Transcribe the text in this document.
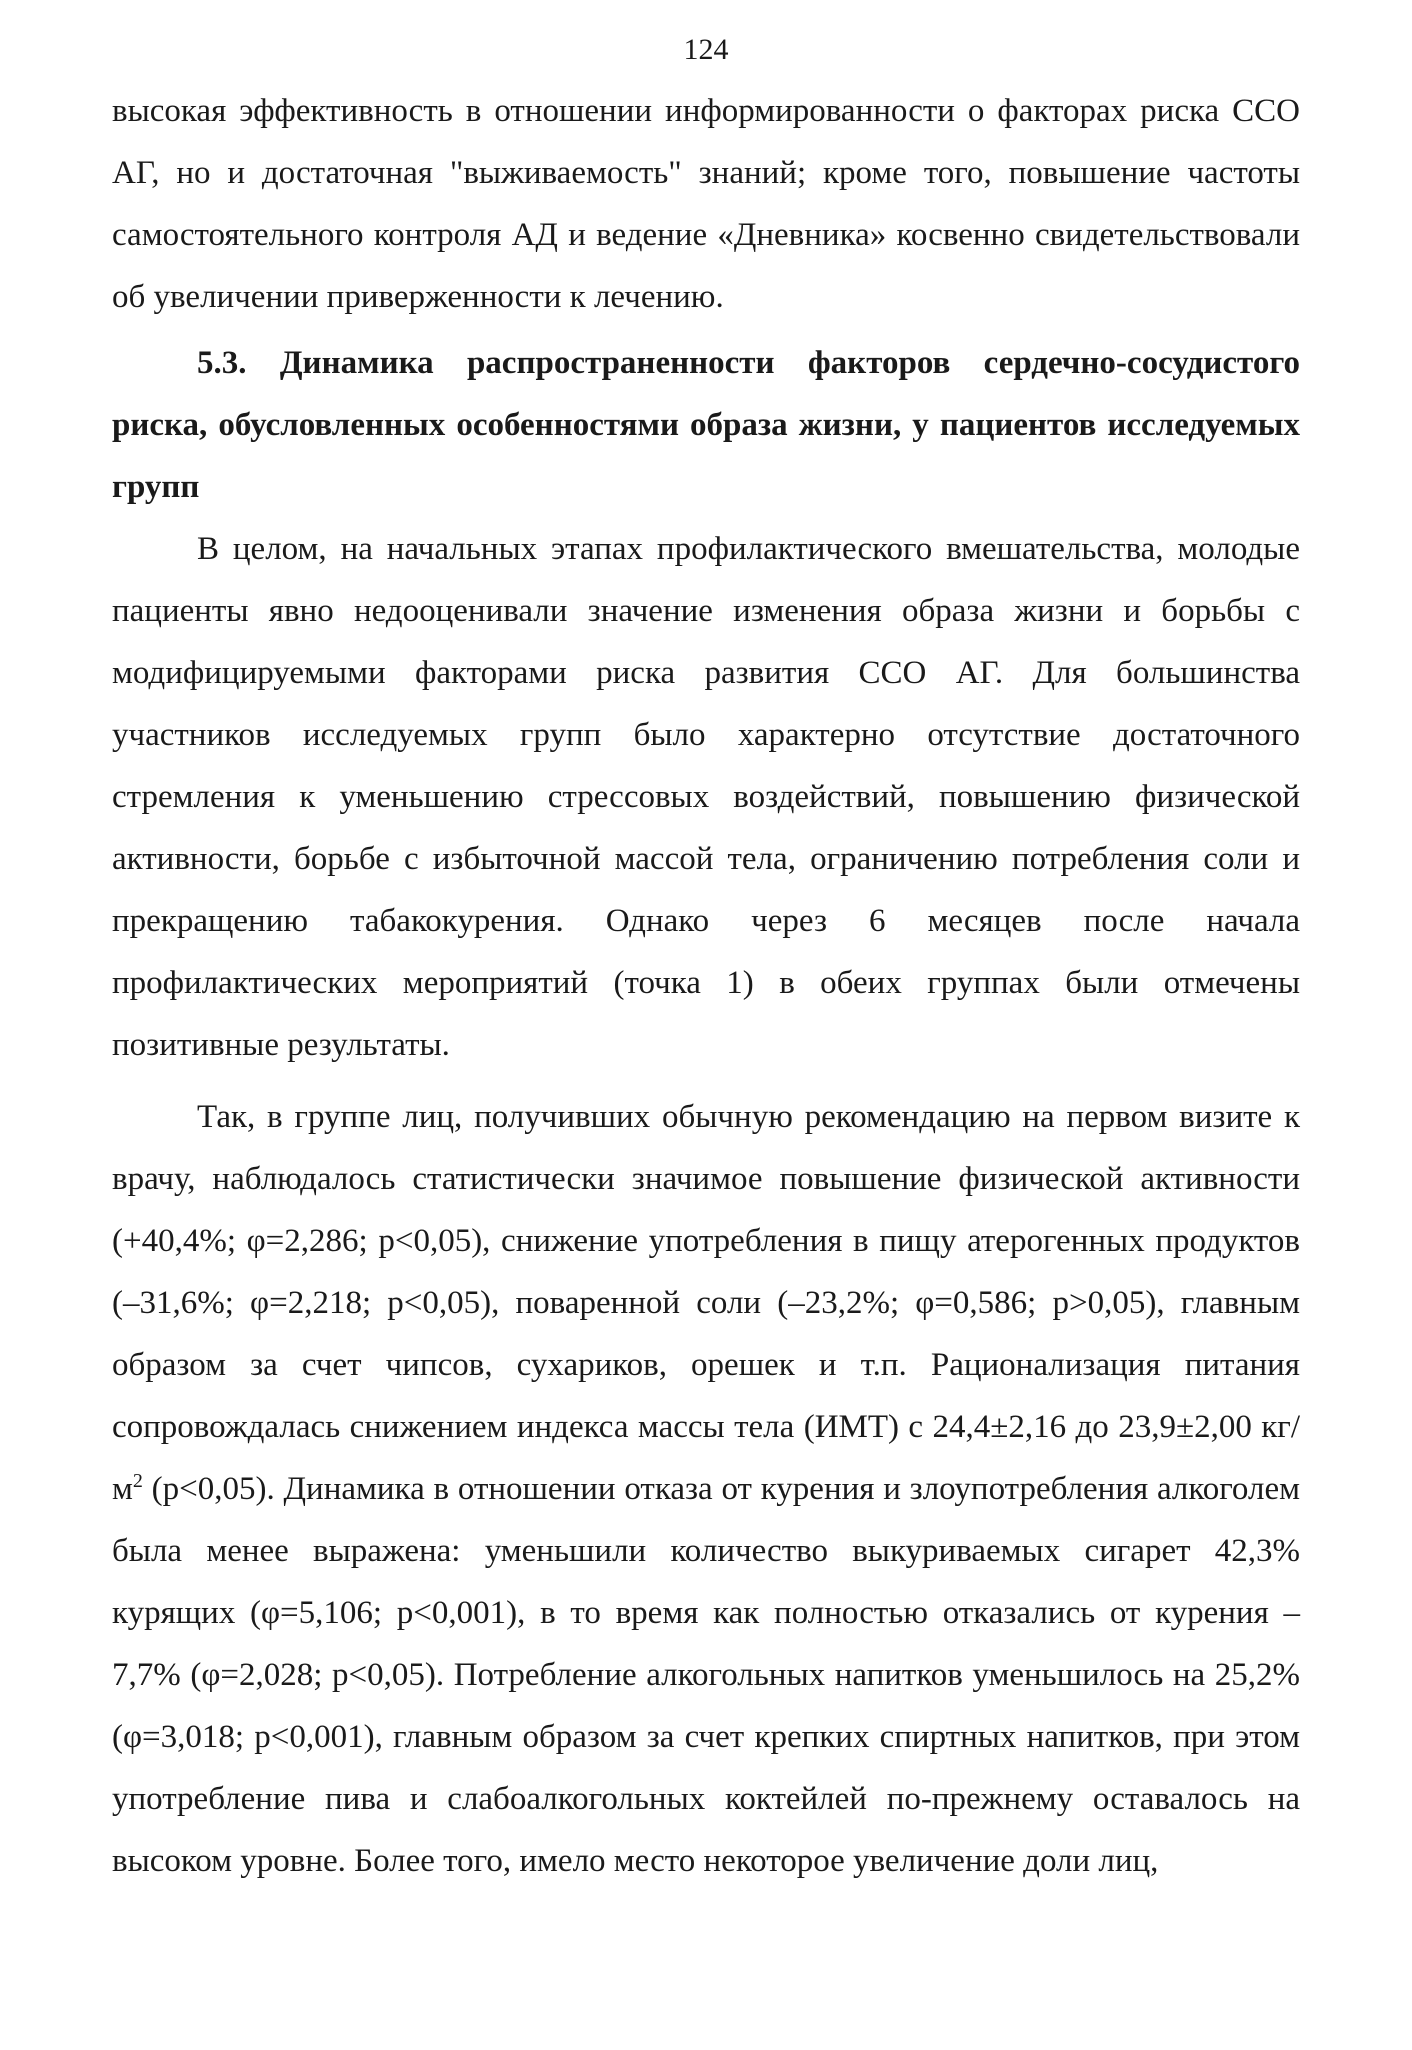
124

высокая эффективность в отношении информированности о факторах риска ССО АГ, но и достаточная "выживаемость" знаний; кроме того, повышение частоты самостоятельного контроля АД и ведение «Дневника» косвенно свидетельствовали об увеличении приверженности к лечению.

5.3. Динамика распространенности факторов сердечно-сосудистого риска, обусловленных особенностями образа жизни, у пациентов исследуемых групп

В целом, на начальных этапах профилактического вмешательства, молодые пациенты явно недооценивали значение изменения образа жизни и борьбы с модифицируемыми факторами риска развития ССО АГ. Для большинства участников исследуемых групп было характерно отсутствие достаточного стремления к уменьшению стрессовых воздействий, повышению физической активности, борьбе с избыточной массой тела, ограничению потребления соли и прекращению табакокурения. Однако через 6 месяцев после начала профилактических мероприятий (точка 1) в обеих группах были отмечены позитивные результаты.

Так, в группе лиц, получивших обычную рекомендацию на первом визите к врачу, наблюдалось статистически значимое повышение физической активности (+40,4%; φ=2,286; p<0,05), снижение употребления в пищу атерогенных продуктов (–31,6%; φ=2,218; p<0,05), поваренной соли (–23,2%; φ=0,586; p>0,05), главным образом за счет чипсов, сухариков, орешек и т.п. Рационализация питания сопровождалась снижением индекса массы тела (ИМТ) с 24,4±2,16 до 23,9±2,00 $кг/м^2$ (p<0,05). Динамика в отношении отказа от курения и злоупотребления алкоголем была менее выражена: уменьшили количество выкуриваемых сигарет 42,3% курящих (φ=5,106; p<0,001), в то время как полностью отказались от курения – 7,7% (φ=2,028; p<0,05). Потребление алкогольных напитков уменьшилось на 25,2% (φ=3,018; p<0,001), главным образом за счет крепких спиртных напитков, при этом употребление пива и слабоалкогольных коктейлей по-прежнему оставалось на высоком уровне. Более того, имело место некоторое увеличение доли лиц,
